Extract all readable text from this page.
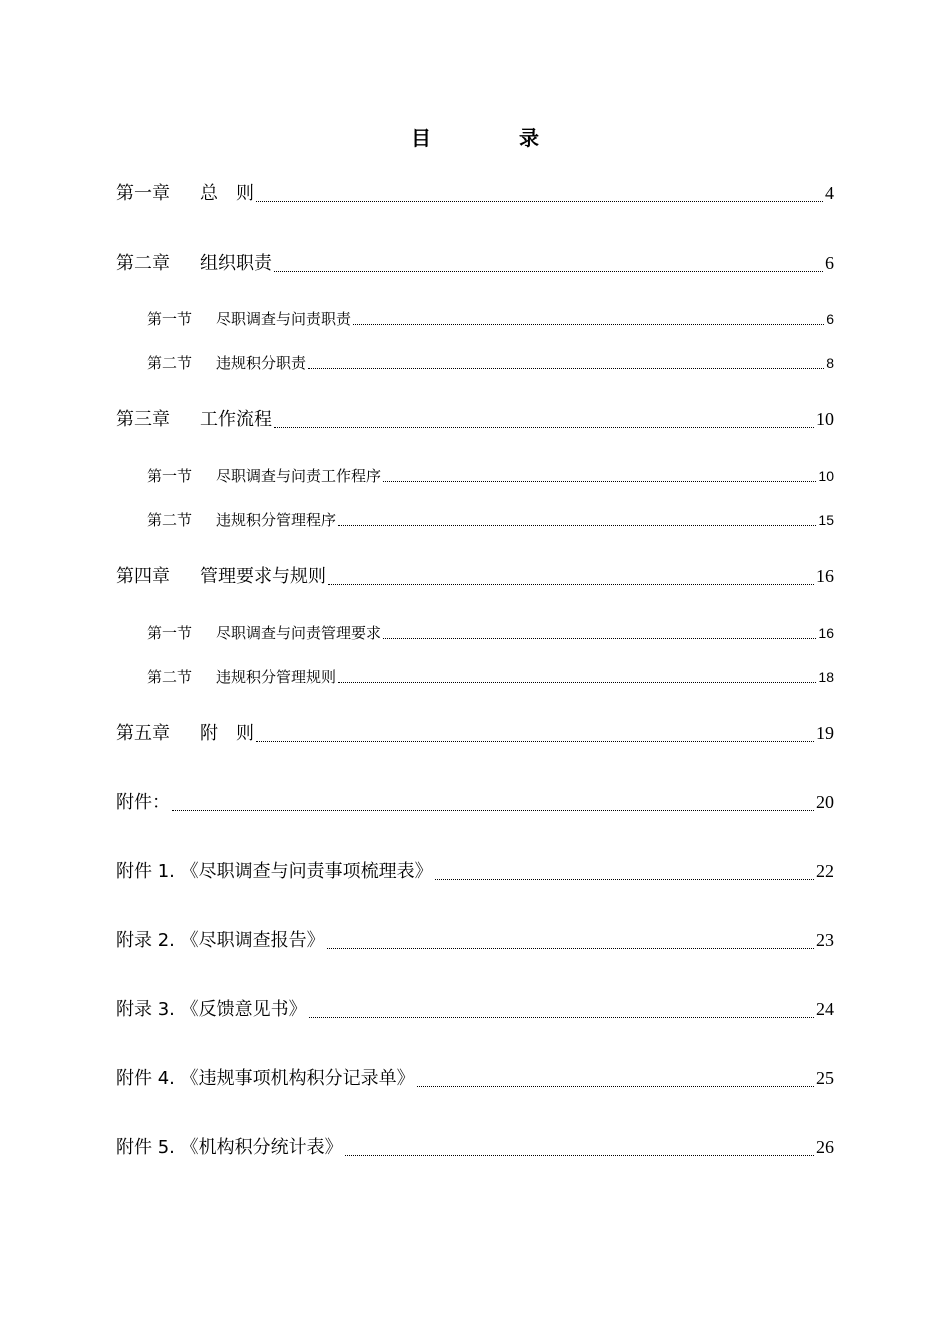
目　录
第一章 总　则	4
第二章 组织职责	6
第一节 尽职调查与问责职责	6
第二节 违规积分职责	8
第三章 工作流程	10
第一节 尽职调查与问责工作程序	10
第二节 违规积分管理程序	15
第四章 管理要求与规则	16
第一节 尽职调查与问责管理要求	16
第二节 违规积分管理规则	18
第五章 附　则	19
附件：	20
附件 1. 《尽职调查与问责事项梳理表》	22
附录 2. 《尽职调查报告》	23
附录 3. 《反馈意见书》	24
附件 4. 《违规事项机构积分记录单》	25
附件 5. 《机构积分统计表》	26
